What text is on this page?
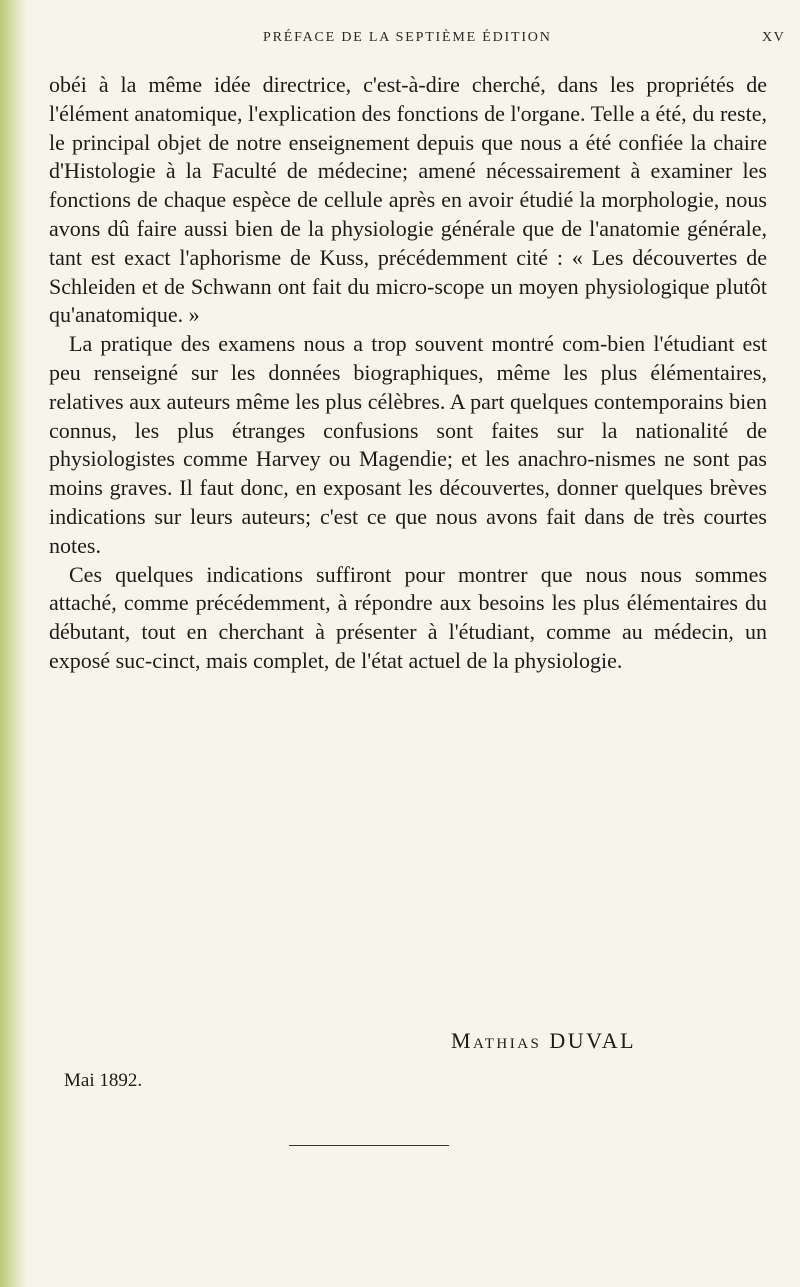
PRÉFACE DE LA SEPTIÈME ÉDITION	XV

obéi à la même idée directrice, c'est-à-dire cherché, dans les propriétés de l'élément anatomique, l'explication des fonctions de l'organe. Telle a été, du reste, le principal objet de notre enseignement depuis que nous a été confiée la chaire d'Histologie à la Faculté de médecine; amené nécessairement à examiner les fonctions de chaque espèce de cellule après en avoir étudié la morphologie, nous avons dû faire aussi bien de la physiologie générale que de l'anatomie générale, tant est exact l'aphorisme de Kuss, précédemment cité : « Les découvertes de Schleiden et de Schwann ont fait du micro-scope un moyen physiologique plutôt qu'anatomique. »

La pratique des examens nous a trop souvent montré com-bien l'étudiant est peu renseigné sur les données biographiques, même les plus élémentaires, relatives aux auteurs même les plus célèbres. A part quelques contemporains bien connus, les plus étranges confusions sont faites sur la nationalité de physiologistes comme Harvey ou Magendie; et les anachro-nismes ne sont pas moins graves. Il faut donc, en exposant les découvertes, donner quelques brèves indications sur leurs auteurs; c'est ce que nous avons fait dans de très courtes notes.

Ces quelques indications suffiront pour montrer que nous nous sommes attaché, comme précédemment, à répondre aux besoins les plus élémentaires du débutant, tout en cherchant à présenter à l'étudiant, comme au médecin, un exposé suc-cinct, mais complet, de l'état actuel de la physiologie.

Mathias DUVAL
Mai 1892.
